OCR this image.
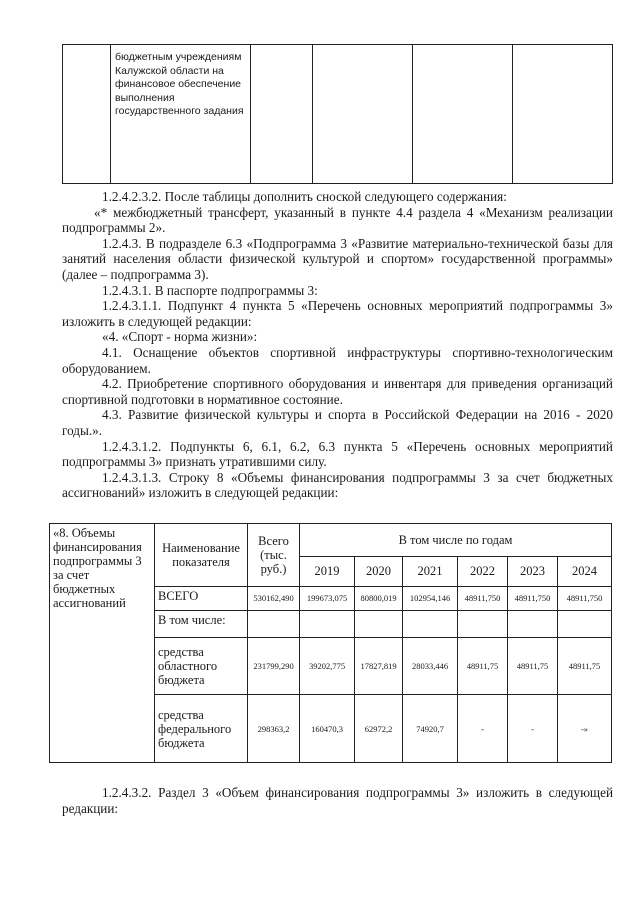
бюджетным учреждениям Калужской области на финансовое обеспечение выполнения государственного задания

1.2.4.2.3.2. После таблицы дополнить сноской следующего содержания:

«* межбюджетный трансферт, указанный в пункте 4.4 раздела 4 «Механизм реализации подпрограммы 2».

1.2.4.3. В подразделе 6.3 «Подпрограмма 3 «Развитие материально-технической базы для занятий населения области физической культурой и спортом» государственной программы» (далее – подпрограмма 3).

1.2.4.3.1. В паспорте подпрограммы 3:

1.2.4.3.1.1. Подпункт 4 пункта 5 «Перечень основных мероприятий подпрограммы 3» изложить в следующей редакции:

«4. «Спорт - норма жизни»:

4.1. Оснащение объектов спортивной инфраструктуры спортивно-технологическим оборудованием.

4.2. Приобретение спортивного оборудования и инвентаря для приведения организаций спортивной подготовки в нормативное состояние.

4.3. Развитие физической культуры и спорта в Российской Федерации на 2016 - 2020 годы.».

1.2.4.3.1.2. Подпункты 6, 6.1, 6.2, 6.3 пункта 5 «Перечень основных мероприятий подпрограммы 3» признать утратившими силу.

1.2.4.3.1.3. Строку 8 «Объемы финансирования подпрограммы 3 за счет бюджетных ассигнований» изложить в следующей редакции:

«8. Объемы финансирования подпрограммы 3 за счет бюджетных ассигнований	Наименование показателя	Всего (тыс. руб.)	В том числе по годам					
			2019	2020	2021	2022	2023	2024
	ВСЕГО	530162,490	199673,075	80800,019	102954,146	48911,750	48911,750	48911,750
	В том числе:							
	средства областного бюджета	231799,290	39202,775	17827,819	28033,446	48911,75	48911,75	48911,75
	средства федерального бюджета	298363,2	160470,3	62972,2	74920,7	-	-	-»

1.2.4.3.2. Раздел 3 «Объем финансирования подпрограммы 3» изложить в следующей редакции:
